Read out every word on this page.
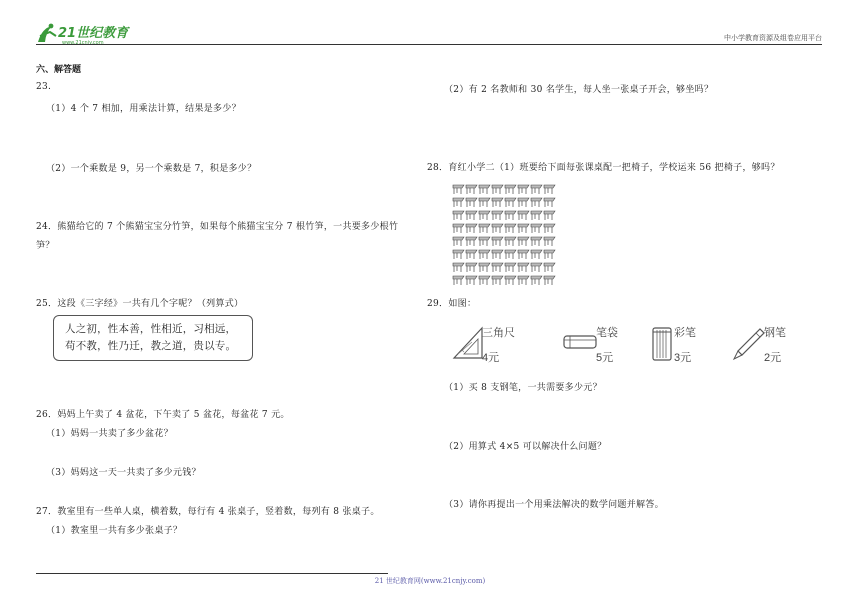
21世纪教育
www.21cnjy.com
中小学教育资源及组卷应用平台
六、解答题
23.
（1）4 个 7 相加，用乘法计算，结果是多少？
（2）一个乘数是 9，另一个乘数是 7，积是多少？
24．熊猫给它的 7 个熊猫宝宝分竹笋，如果每个熊猫宝宝分 7 根竹笋，一共要多少根竹
笋？
25．这段《三字经》一共有几个字呢？（列算式）
人之初，性本善，性相近，习相远，
苟不教，性乃迁，教之道，贵以专。
26．妈妈上午卖了 4 盆花，下午卖了 5 盆花，每盆花 7 元。
（1）妈妈一共卖了多少盆花？
（3）妈妈这一天一共卖了多少元钱？
27．教室里有一些单人桌，横着数，每行有 4 张桌子，竖着数，每列有 8 张桌子。
（1）教室里一共有多少张桌子？
（2）有 2 名教师和 30 名学生，每人坐一张桌子开会，够坐吗？
28．育红小学二（1）班要给下面每张课桌配一把椅子，学校运来 56 把椅子，够吗？
29．如图：
三角尺
4元
笔袋
5元
彩笔
3元
钢笔
2元
（1）买 8 支钢笔，一共需要多少元？
（2）用算式 4×5 可以解决什么问题？
（3）请你再提出一个用乘法解决的数学问题并解答。
21 世纪教育网(www.21cnjy.com)
